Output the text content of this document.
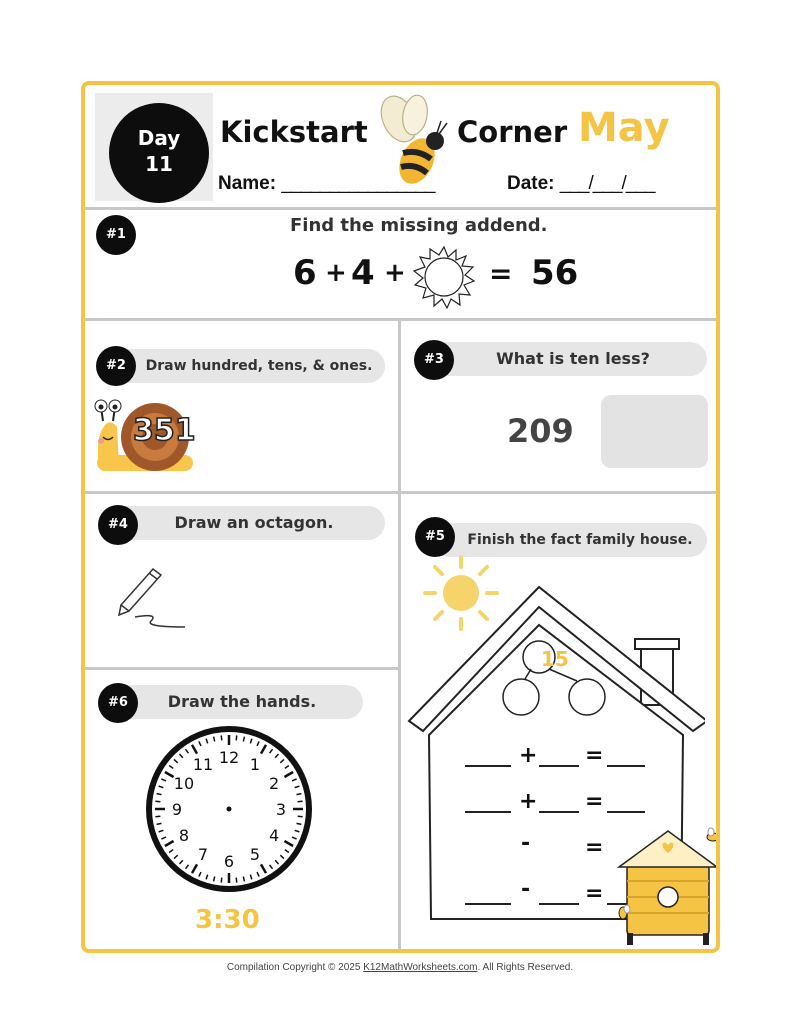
Day
11
Kickstart	Corner May
Name: ________________	Date: ___/___/___
#1	Find the missing addend.
6 + 4 +	= 56
Draw hundred, tens, & ones.
#2
351
What is ten less?
#3
209
Draw an octagon.
#4
Finish the fact family house.
#5
15
+ =
+ =
- =
- =
Draw the hands.
#6
12 1
2
3
4
5
6
7
8
9
10
11
3:30
Compilation Copyright © 2025 K12MathWorksheets.com. All Rights Reserved.
